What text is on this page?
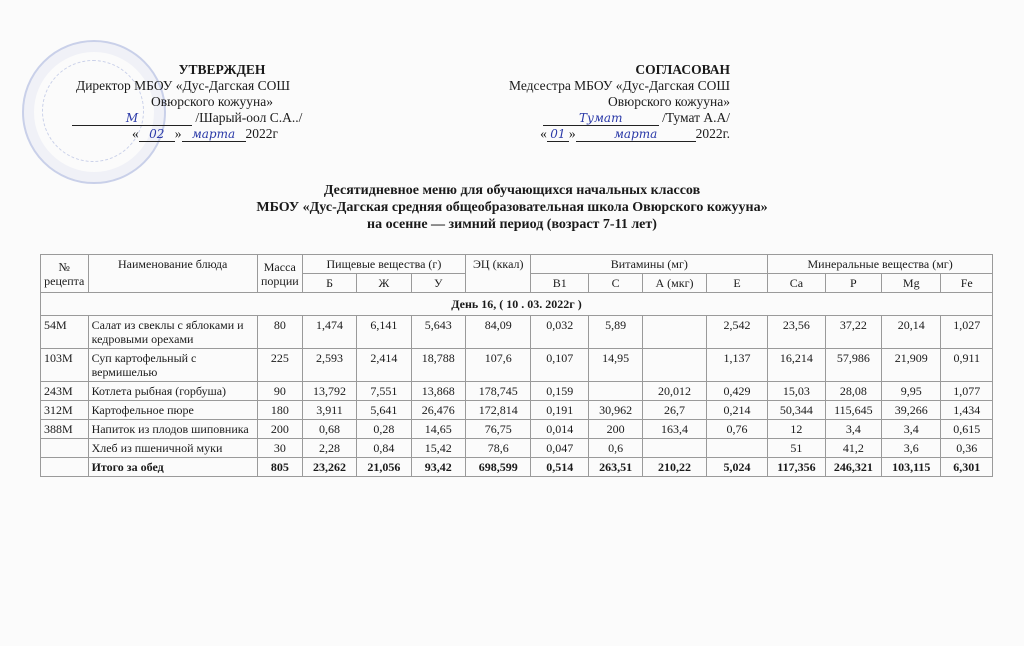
УТВЕРЖДЕН
Директор МБОУ «Дус-Дагская СОШ
Овюрского кожууна»
М	/Шарый-оол С.А../
« 02 » марта 2022г
СОГЛАСОВАН
Медсестра МБОУ «Дус-Дагская СОШ
Овюрского кожууна»
Тумат	/Тумат А.А/
« 01 »	марта	2022г.
Десятидневное меню для обучающихся начальных классов
МБОУ «Дус-Дагская средняя общеобразовательная школа Овюрского кожууна»
на осенне — зимний период (возраст 7-11 лет)
№ рецепта	Наименование блюда	Масса порции	Пищевые вещества (г)			ЭЦ (ккал)	Витамины (мг)				Минеральные вещества (мг)			
			Б	Ж	У		В1	С	А (мкг)	Е	Са	Р	Mg	Fe
День 16, ( 10 . 03. 2022г )														
54М	Салат из свеклы с яблоками и кедровыми орехами	80	1,474	6,141	5,643	84,09	0,032	5,89		2,542	23,56	37,22	20,14	1,027
103М	Суп картофельный с вермишелью	225	2,593	2,414	18,788	107,6	0,107	14,95		1,137	16,214	57,986	21,909	0,911
243М	Котлета рыбная (горбуша)	90	13,792	7,551	13,868	178,745	0,159		20,012	0,429	15,03	28,08	9,95	1,077
312М	Картофельное пюре	180	3,911	5,641	26,476	172,814	0,191	30,962	26,7	0,214	50,344	115,645	39,266	1,434
388М	Напиток из плодов шиповника	200	0,68	0,28	14,65	76,75	0,014	200	163,4	0,76	12	3,4	3,4	0,615
	Хлеб из пшеничной муки	30	2,28	0,84	15,42	78,6	0,047	0,6			51	41,2	3,6	0,36
	Итого за обед	805	23,262	21,056	93,42	698,599	0,514	263,51	210,22	5,024	117,356	246,321	103,115	6,301
